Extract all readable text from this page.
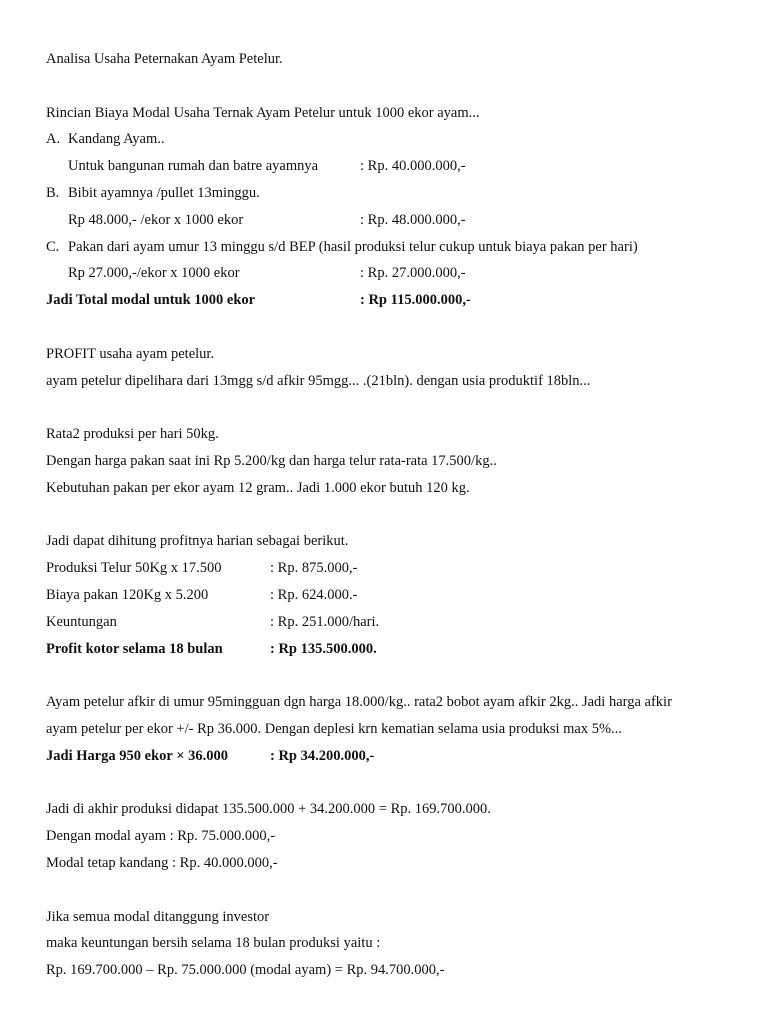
Analisa Usaha Peternakan Ayam Petelur.
Rincian Biaya Modal Usaha Ternak Ayam Petelur untuk 1000 ekor ayam...
A. Kandang Ayam..
Untuk bangunan rumah dan batre ayamnya	: Rp. 40.000.000,-
B. Bibit ayamnya /pullet 13minggu.
Rp 48.000,- /ekor x 1000 ekor	: Rp. 48.000.000,-
C. Pakan dari ayam umur 13 minggu s/d BEP (hasil produksi telur cukup untuk biaya pakan per hari)
Rp 27.000,-/ekor x 1000 ekor	: Rp. 27.000.000,-
Jadi Total modal untuk 1000 ekor	: Rp 115.000.000,-
PROFIT usaha ayam petelur.
ayam petelur dipelihara dari 13mgg s/d afkir 95mgg... .(21bln). dengan usia produktif 18bln...
Rata2 produksi per hari 50kg.
Dengan harga pakan saat ini Rp 5.200/kg dan harga telur rata-rata 17.500/kg..
Kebutuhan pakan per ekor ayam 12 gram.. Jadi 1.000 ekor butuh 120 kg.
Jadi dapat dihitung profitnya harian sebagai berikut.
Produksi Telur 50Kg x 17.500	: Rp. 875.000,-
Biaya pakan 120Kg x 5.200	: Rp. 624.000.-
Keuntungan	: Rp. 251.000/hari.
Profit kotor selama 18 bulan	: Rp 135.500.000.
Ayam petelur afkir di umur 95mingguan dgn harga 18.000/kg.. rata2 bobot ayam afkir 2kg.. Jadi harga afkir
ayam petelur per ekor +/- Rp 36.000. Dengan deplesi krn kematian selama usia produksi max 5%...
Jadi Harga 950 ekor × 36.000	: Rp 34.200.000,-
Jadi di akhir produksi didapat 135.500.000 + 34.200.000 = Rp. 169.700.000.
Dengan modal ayam : Rp. 75.000.000,-
Modal tetap kandang : Rp. 40.000.000,-
Jika semua modal ditanggung investor
maka keuntungan bersih selama 18 bulan produksi yaitu :
Rp. 169.700.000 – Rp. 75.000.000 (modal ayam) = Rp. 94.700.000,-
